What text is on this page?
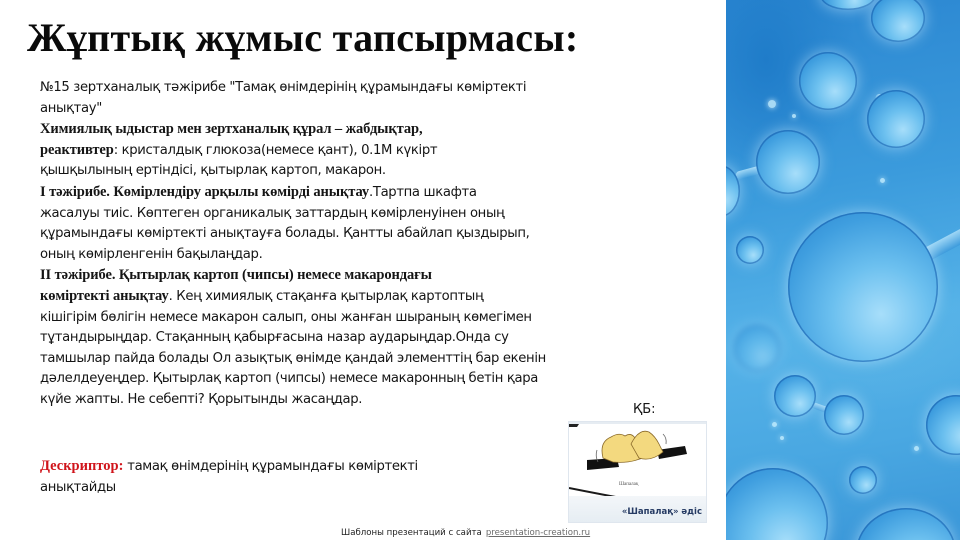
Жұптық жұмыс тапсырмасы:
№15 зертханалық тәжірибе "Тамақ өнімдерінің құрамындағы көміртекті
анықтау"
Химиялық ыдыстар мен зертханалық құрал – жабдықтар,
реактивтер: кристалдық глюкоза(немесе қант), 0.1М күкірт
қышқылының ертіндісі, қытырлақ картоп, макарон.
I тәжірибе. Көмірлендіру арқылы көмірді анықтау.Тартпа шкафта
жасалуы тиіс. Көптеген органикалық заттардың көмірленуінен оның
құрамындағы көміртекті анықтауға болады. Қантты абайлап қыздырып,
оның көмірленгенін бақылаңдар.
II тәжірибе. Қытырлақ картоп (чипсы) немесе макарондағы
көміртекті анықтау. Кең химиялық стақанға қытырлақ картоптың
кішігірім бөлігін немесе макарон салып, оны жанған шыраның көмегімен
тұтандырыңдар. Стақанның қабырғасына назар аударыңдар.Онда су
тамшылар пайда болады Ол азықтық өнімде қандай элементтің бар екенін
дәлелдеуеңдер. Қытырлақ картоп (чипсы) немесе макаронның бетін қара
күйе жапты. Не себепті? Қорытынды жасаңдар.
ҚБ:
Шапалақ
«Шапалақ» әдіс
Дескриптор: тамақ өнімдерінің құрамындағы көміртекті
анықтайды
Шаблоны презентаций с сайта presentation-creation.ru
